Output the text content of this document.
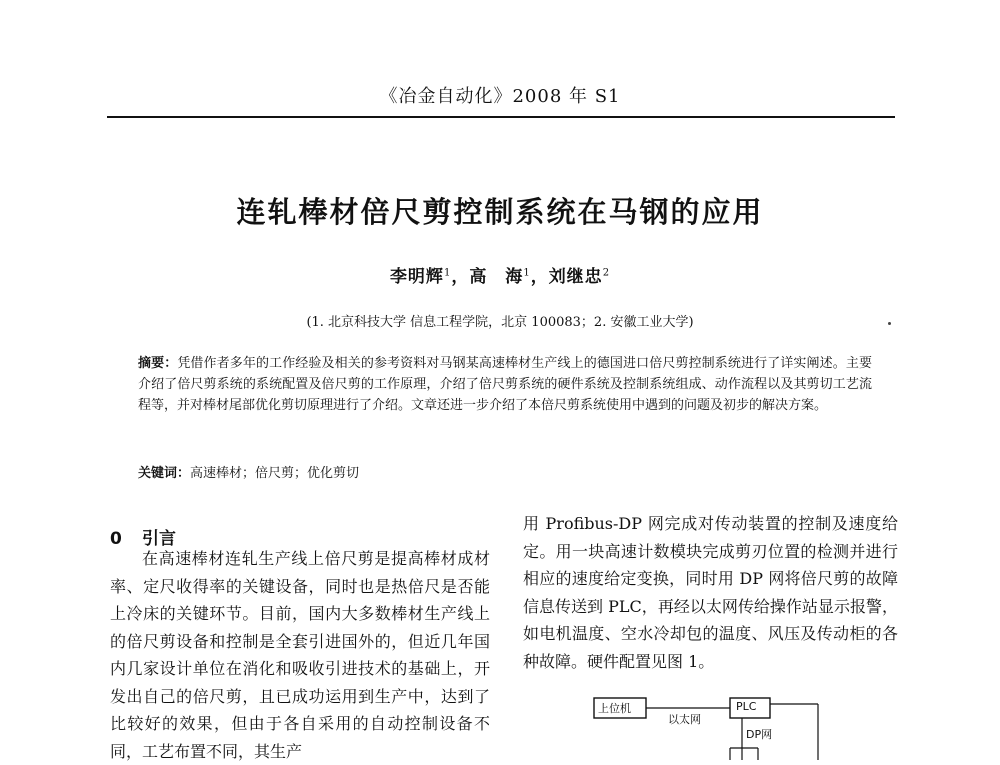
《冶金自动化》2008 年 S1
连轧棒材倍尺剪控制系统在马钢的应用
李明辉$^1$，高　海$^1$，刘继忠$^2$
(1. 北京科技大学 信息工程学院，北京 100083；2. 安徽工业大学)
摘要：凭借作者多年的工作经验及相关的参考资料对马钢某高速棒材生产线上的德国进口倍尺剪控制系统进行了详实阐述。主要介绍了倍尺剪系统的系统配置及倍尺剪的工作原理，介绍了倍尺剪系统的硬件系统及控制系统组成、动作流程以及其剪切工艺流程等，并对棒材尾部优化剪切原理进行了介绍。文章还进一步介绍了本倍尺剪系统使用中遇到的问题及初步的解决方案。
关键词：高速棒材；倍尺剪；优化剪切
0 引言

在高速棒材连轧生产线上倍尺剪是提高棒材成材率、定尺收得率的关键设备，同时也是热倍尺是否能上冷床的关键环节。目前，国内大多数棒材生产线上的倍尺剪设备和控制是全套引进国外的，但近几年国内几家设计单位在消化和吸收引进技术的基础上，开发出自己的倍尺剪，且已成功运用到生产中，达到了比较好的效果，但由于各自采用的自动控制设备不同，工艺布置不同，其生产

用 Profibus-DP 网完成对传动装置的控制及速度给定。用一块高速计数模块完成剪刃位置的检测并进行相应的速度给定变换，同时用 DP 网将倍尺剪的故障信息传送到 PLC，再经以太网传给操作站显示报警，如电机温度、空水冷却包的温度、风压及传动柜的各种故障。硬件配置见图 1。

上位机	PLC
以太网
DP网
